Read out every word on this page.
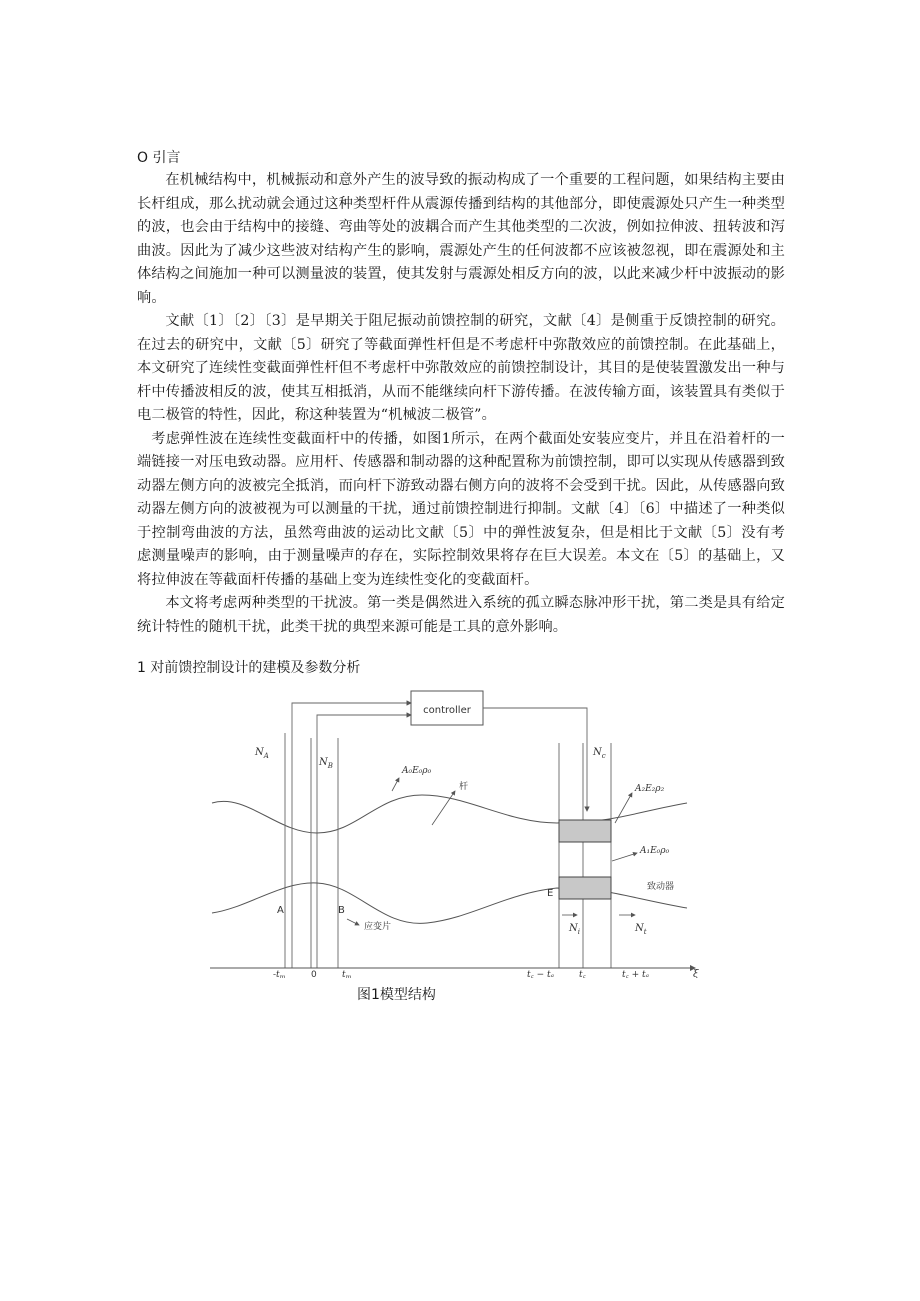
O 引言

在机械结构中，机械振动和意外产生的波导致的振动构成了一个重要的工程问题，如果结构主要由长杆组成，那么扰动就会通过这种类型杆件从震源传播到结构的其他部分，即使震源处只产生一种类型的波，也会由于结构中的接缝、弯曲等处的波耦合而产生其他类型的二次波，例如拉伸波、扭转波和泻曲波。因此为了减少这些波对结构产生的影响，震源处产生的任何波都不应该被忽视，即在震源处和主体结构之间施加一种可以测量波的装置，使其发射与震源处相反方向的波，以此来减少杆中波振动的影响。

文献〔1〕〔2〕〔3〕是早期关于阻尼振动前馈控制的研究，文献〔4〕是侧重于反馈控制的研究。在过去的研究中，文献〔5〕研究了等截面弹性杆但是不考虑杆中弥散效应的前馈控制。在此基础上，本文研究了连续性变截面弹性杆但不考虑杆中弥散效应的前馈控制设计，其目的是使装置激发出一种与杆中传播波相反的波，使其互相抵消，从而不能继续向杆下游传播。在波传输方面，该装置具有类似于电二极管的特性，因此，称这种装置为“机械波二极管”。

考虑弹性波在连续性变截面杆中的传播，如图1所示，在两个截面处安装应变片，并且在沿着杆的一端链接一对压电致动器。应用杆、传感器和制动器的这种配置称为前馈控制，即可以实现从传感器到致动器左侧方向的波被完全抵消，而向杆下游致动器右侧方向的波将不会受到干扰。因此，从传感器向致动器左侧方向的波被视为可以测量的干扰，通过前馈控制进行抑制。文献〔4〕〔6〕中描述了一种类似于控制弯曲波的方法，虽然弯曲波的运动比文献〔5〕中的弹性波复杂，但是相比于文献〔5〕没有考虑测量噪声的影响，由于测量噪声的存在，实际控制效果将存在巨大误差。本文在〔5〕的基础上，又将拉伸波在等截面杆传播的基础上变为连续性变化的变截面杆。

本文将考虑两种类型的干扰波。第一类是偶然进入系统的孤立瞬态脉冲形干扰，第二类是具有给定统计特性的随机干扰，此类干扰的典型来源可能是工具的意外影响。

1 对前馈控制设计的建模及参数分析

controller
$N_A$
$N_B$
$N_c$
$N_i$	$N_t$
A₀E₀ρ₀
杆	A₂E₂ρ₂
A₁E₀ρ₀
致动器
A	B
E
应变片
$-t_m$	0	$t_m$	t꜀ − tₐ	t꜀	t꜀ + tₐ	ξ
图1模型结构
